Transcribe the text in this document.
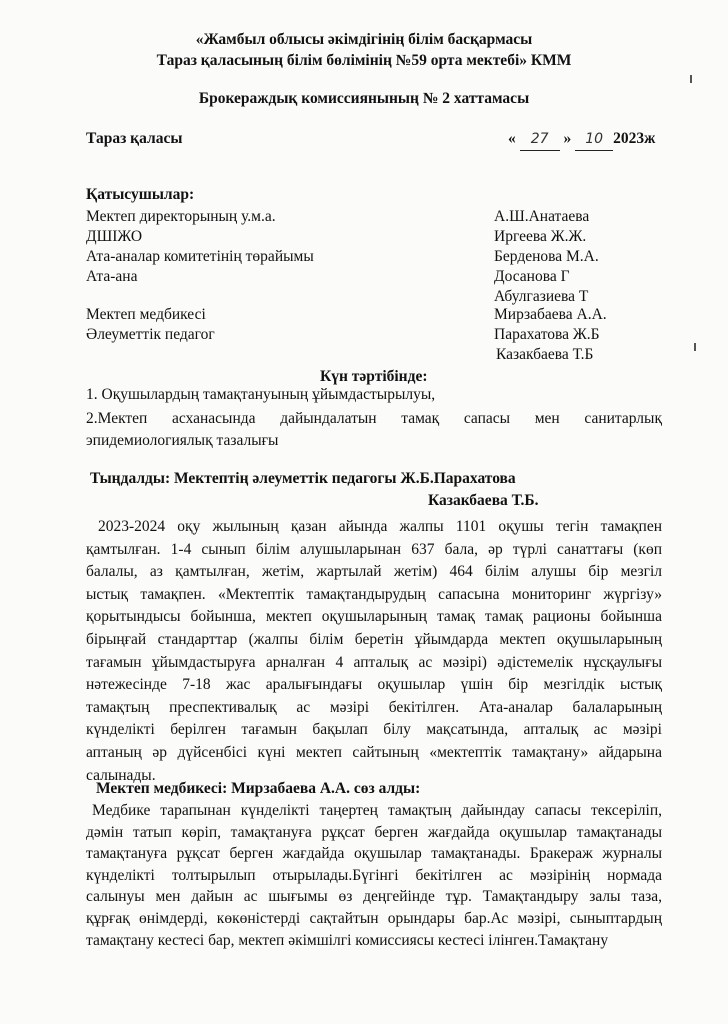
«Жамбыл облысы әкімдігінің білім басқармасы
Тараз қаласының білім бөлімінің №59 орта мектебі» КММ
Брокераждық комиссиянының № 2 хаттамасы
Тараз қаласы	« 27 » 10 2023ж
Қатысушылар:
Мектеп директорының у.м.а.
ДШІЖО
Ата-аналар комитетінің төрайымы
Ата-ана
Мектеп медбикесі
Әлеуметтік педагог
А.Ш.Анатаева
Иргеева Ж.Ж.
Берденова М.А.
Досанова Г
Абулгазиева Т
Мирзабаева А.А.
Парахатова Ж.Б
Казакбаева Т.Б
Күн тәртібінде:
1. Оқушылардың тамақтануының ұйымдастырылуы,
2.Мектеп асханасында дайындалатын тамақ сапасы мен санитарлық
эпидемиологиялық тазалығы
Тыңдалды: Мектептің әлеуметтік педагогы Ж.Б.Парахатова
Казакбаева Т.Б.
2023-2024 оқу жылының қазан айында жалпы 1101 оқушы тегін тамақпен
қамтылған. 1-4 сынып білім алушыларынан 637 бала, әр түрлі санаттағы (көп
балалы, аз қамтылған, жетім, жартылай жетім) 464 білім алушы бір мезгіл
ыстық тамақпен. «Мектептік тамақтандырудың сапасына мониторинг жүргізу»
қорытындысы бойынша, мектеп оқушыларының тамақ тамақ рационы бойынша
бірыңғай стандарттар (жалпы білім беретін ұйымдарда мектеп оқушыларының
тағамын ұйымдастыруға арналған 4 апталық ас мәзірі) әдістемелік нұсқаулығы
нәтежесінде 7-18 жас аралығындағы оқушылар үшін бір мезгілдік ыстық
тамақтың преспективалық ас мәзірі бекітілген. Ата-аналар балаларының
күнделікті берілген тағамын бақылап білу мақсатында, апталық ас мәзірі
аптаның әр дүйсенбісі күні мектеп сайтының «мектептік тамақтану» айдарына
салынады.
Мектеп медбикесі: Мирзабаева А.А. сөз алды:
Медбике тарапынан күнделікті таңертең тамақтың дайындау сапасы тексеріліп,
дәмін татып көріп, тамақтануға рұқсат берген жағдайда оқушылар тамақтанады
тамақтануға рұқсат берген жағдайда оқушылар тамақтанады. Бракераж журналы
күнделікті толтырылып отырылады.Бүгінгі бекітілген ас мәзірінің нормада
салынуы мен дайын ас шығымы өз деңгейінде тұр. Тамақтандыру залы таза,
құрғақ өнімдерді, көкөністерді сақтайтын орындары бар.Ас мәзірі, сыныптардың
тамақтану кестесі бар, мектеп әкімшілгі комиссиясы кестесі ілінген.Тамақтану
